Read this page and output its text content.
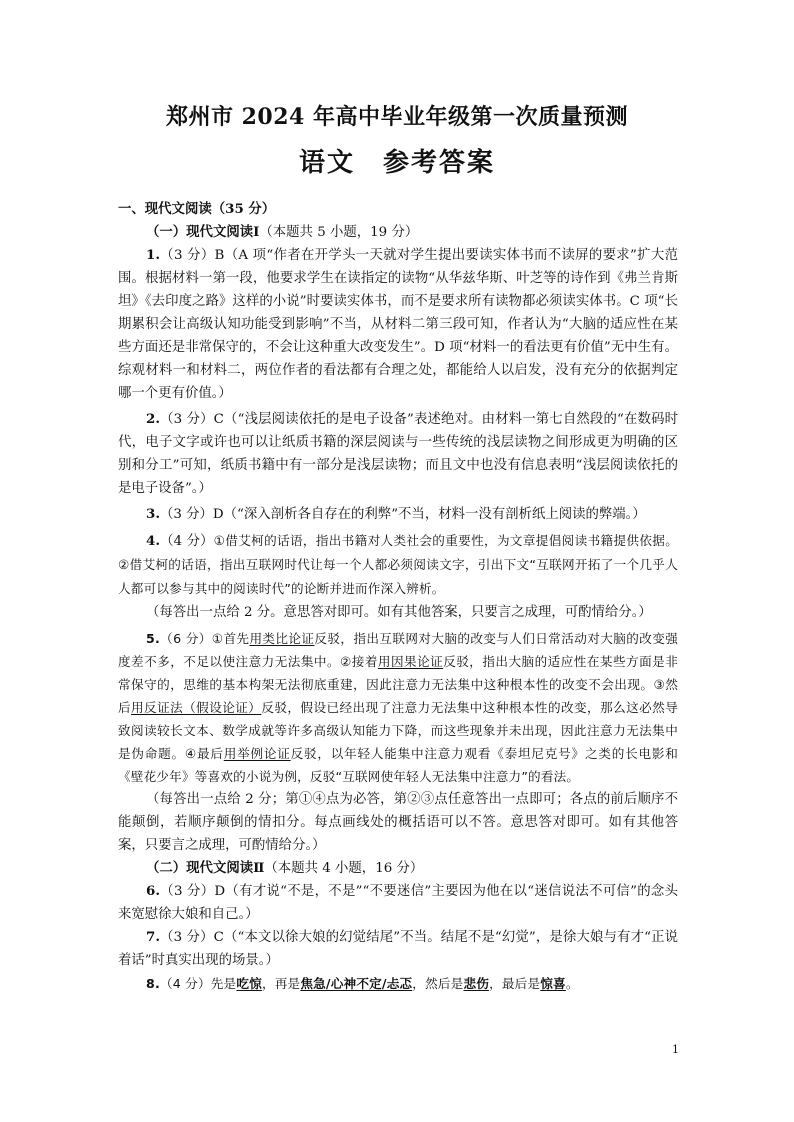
郑州市 2024 年高中毕业年级第一次质量预测
语文　参考答案

一、现代文阅读（35 分）

（一）现代文阅读Ⅰ（本题共 5 小题，19 分）

1.（3 分）B（A 项“作者在开学头一天就对学生提出要读实体书而不读屏的要求”扩大范围。根据材料一第一段，他要求学生在读指定的读物“从华兹华斯、叶芝等的诗作到《弗兰肯斯坦》《去印度之路》这样的小说”时要读实体书，而不是要求所有读物都必须读实体书。C 项“长期累积会让高级认知功能受到影响”不当，从材料二第三段可知，作者认为“大脑的适应性在某些方面还是非常保守的，不会让这种重大改变发生”。D 项“材料一的看法更有价值”无中生有。综观材料一和材料二，两位作者的看法都有合理之处，都能给人以启发，没有充分的依据判定哪一个更有价值。）

2.（3 分）C（“浅层阅读依托的是电子设备”表述绝对。由材料一第七自然段的“在数码时代，电子文字或许也可以让纸质书籍的深层阅读与一些传统的浅层读物之间形成更为明确的区别和分工”可知，纸质书籍中有一部分是浅层读物；而且文中也没有信息表明“浅层阅读依托的是电子设备”。）

3.（3 分）D（“深入剖析各自存在的利弊”不当，材料一没有剖析纸上阅读的弊端。）

4.（4 分）①借艾柯的话语，指出书籍对人类社会的重要性，为文章提倡阅读书籍提供依据。②借艾柯的话语，指出互联网时代让每一个人都必须阅读文字，引出下文“互联网开拓了一个几乎人人都可以参与其中的阅读时代”的论断并进而作深入辨析。

（每答出一点给 2 分。意思答对即可。如有其他答案，只要言之成理，可酌情给分。）

5.（6 分）①首先用类比论证反驳，指出互联网对大脑的改变与人们日常活动对大脑的改变强度差不多，不足以使注意力无法集中。②接着用因果论证反驳，指出大脑的适应性在某些方面是非常保守的，思维的基本构架无法彻底重建，因此注意力无法集中这种根本性的改变不会出现。③然后用反证法（假设论证）反驳，假设已经出现了注意力无法集中这种根本性的改变，那么这必然导致阅读较长文本、数学成就等许多高级认知能力下降，而这些现象并未出现，因此注意力无法集中是伪命题。④最后用举例论证反驳，以年轻人能集中注意力观看《泰坦尼克号》之类的长电影和《壁花少年》等喜欢的小说为例，反驳“互联网使年轻人无法集中注意力”的看法。

（每答出一点给 2 分；第①④点为必答，第②③点任意答出一点即可；各点的前后顺序不能颠倒，若顺序颠倒的情扣分。每点画线处的概括语可以不答。意思答对即可。如有其他答案，只要言之成理，可酌情给分。）

（二）现代文阅读Ⅱ（本题共 4 小题，16 分）

6.（3 分）D（有才说“不是，不是”“不要迷信”主要因为他在以“迷信说法不可信”的念头来宽慰徐大娘和自己。）

7.（3 分）C（“本文以徐大娘的幻觉结尾”不当。结尾不是“幻觉”，是徐大娘与有才“正说着话”时真实出现的场景。）

8.（4 分）先是吃惊，再是焦急/心神不定/忐忑，然后是悲伤，最后是惊喜。

1
